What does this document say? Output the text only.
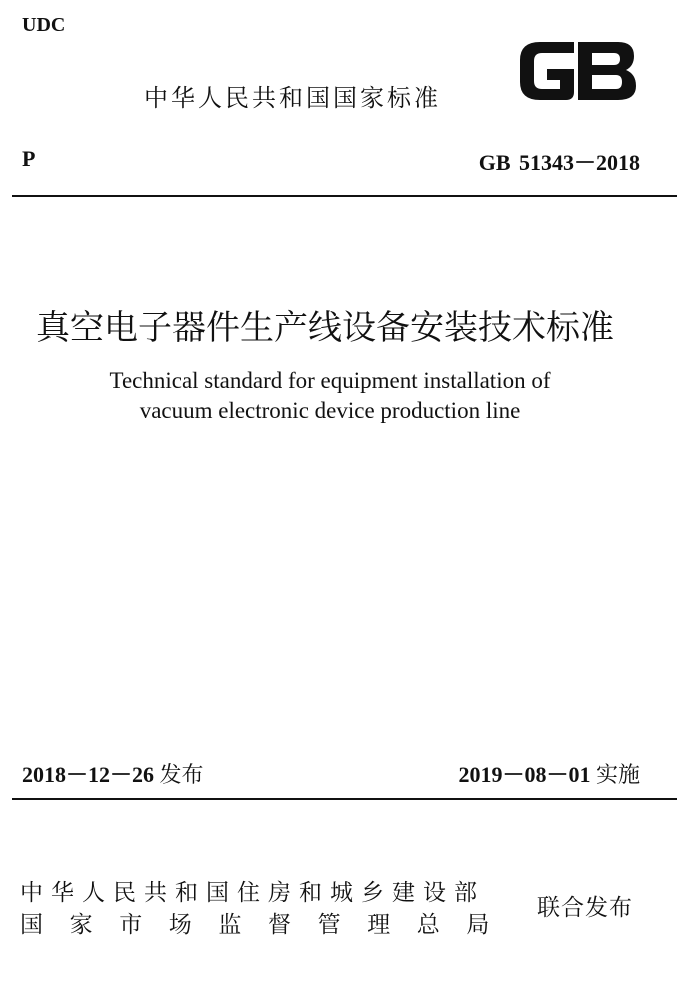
UDC
中华人民共和国国家标准
P	GB 51343－2018
真空电子器件生产线设备安装技术标准
Technical standard for equipment installation of
vacuum electronic device production line
2018－12－26 发布	2019－08－01 实施
中华人民共和国住房和城乡建设部
国家市场监督管理总局
联合发布
